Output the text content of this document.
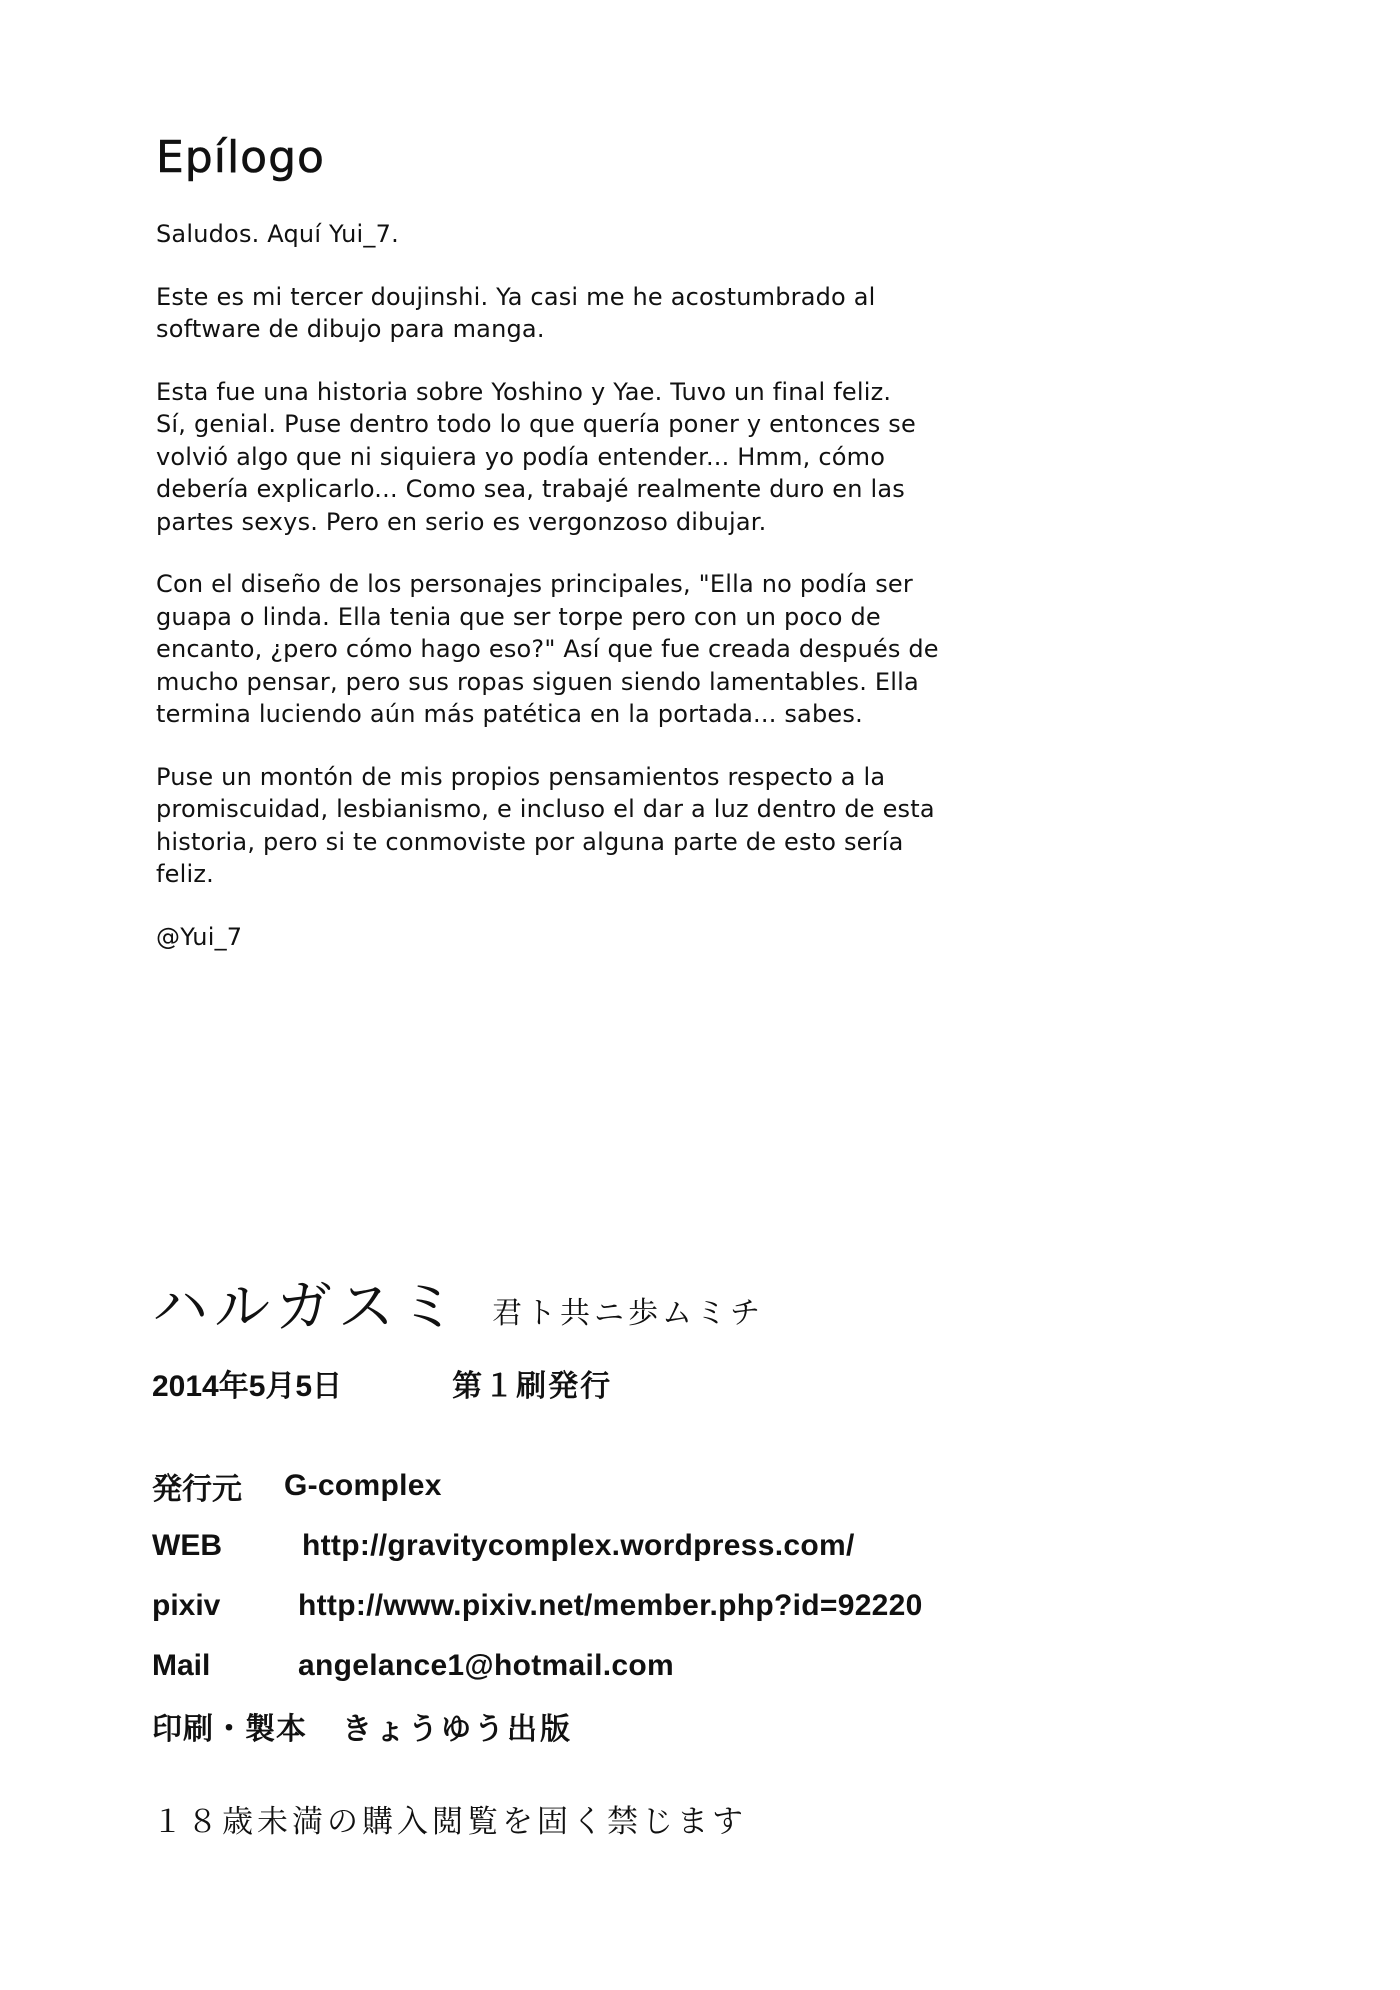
Epílogo

Saludos. Aquí Yui_7.

Este es mi tercer doujinshi. Ya casi me he acostumbrado al
software de dibujo para manga.

Esta fue una historia sobre Yoshino y Yae. Tuvo un final feliz.
Sí, genial. Puse dentro todo lo que quería poner y entonces se
volvió algo que ni siquiera yo podía entender... Hmm, cómo
debería explicarlo... Como sea, trabajé realmente duro en las
partes sexys. Pero en serio es vergonzoso dibujar.

Con el diseño de los personajes principales, "Ella no podía ser
guapa o linda. Ella tenia que ser torpe pero con un poco de
encanto, ¿pero cómo hago eso?" Así que fue creada después de
mucho pensar, pero sus ropas siguen siendo lamentables. Ella
termina luciendo aún más patética en la portada... sabes.

Puse un montón de mis propios pensamientos respecto a la
promiscuidad, lesbianismo, e incluso el dar a luz dentro de esta
historia, pero si te conmoviste por alguna parte de esto sería
feliz.

@Yui_7

ハルガスミ 君ト共ニ歩ムミチ
2014年5月5日	第１刷発行
発行元	G-complex
WEB	http://gravitycomplex.wordpress.com/
pixiv	http://www.pixiv.net/member.php?id=92220
Mail	angelance1@hotmail.com
印刷・製本	きょうゆう出版
１８歳未満の購入閲覧を固く禁じます
